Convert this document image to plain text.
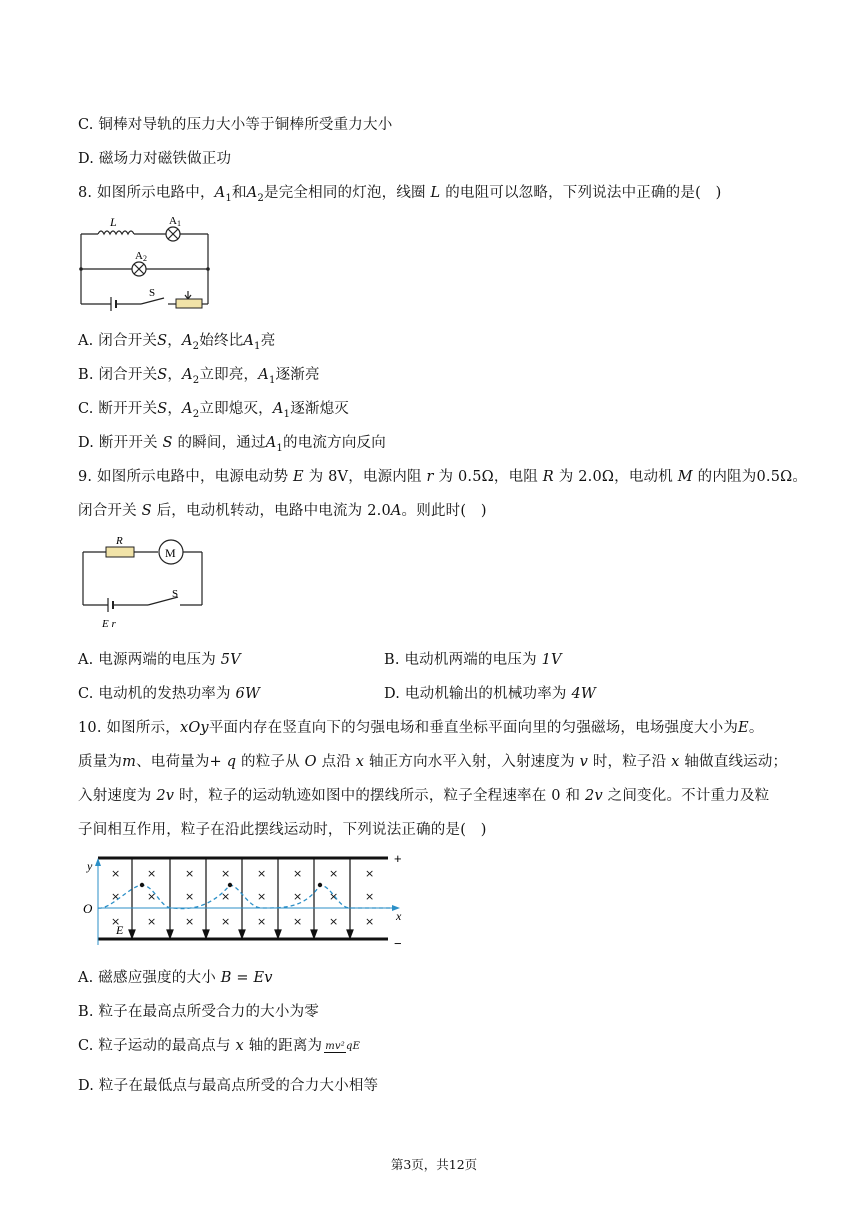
C. 铜棒对导轨的压力大小等于铜棒所受重力大小
D. 磁场力对磁铁做正功
8. 如图所示电路中，$A_1$和$A_2$是完全相同的灯泡，线圈 L 的电阻可以忽略，下列说法中正确的是(　)
L	A 1
A 2
S
A. 闭合开关S，$A_2$始终比$A_1$亮
B. 闭合开关S，$A_2$立即亮，$A_1$逐渐亮
C. 断开开关S，$A_2$立即熄灭，$A_1$逐渐熄灭
D. 断开开关 S 的瞬间，通过$A_1$的电流方向反向
9. 如图所示电路中，电源电动势 E 为 8V，电源内阻 r 为 0.5Ω，电阻 R 为 2.0Ω，电动机 M 的内阻为0.5Ω。
闭合开关 S 后，电动机转动，电路中电流为 2.0A。则此时(　)
R
M
S
E r
A. 电源两端的电压为 5V	B. 电动机两端的电压为 1V
C. 电动机的发热功率为 6W	D. 电动机输出的机械功率为 4W
10. 如图所示，xOy平面内存在竖直向下的匀强电场和垂直坐标平面向里的匀强磁场，电场强度大小为E。
质量为m、电荷量为+ q 的粒子从 O 点沿 x 轴正方向水平入射，入射速度为 v 时，粒子沿 x 轴做直线运动；
入射速度为 2v 时，粒子的运动轨迹如图中的摆线所示，粒子全程速率在 0 和 2v 之间变化。不计重力及粒
子间相互作用，粒子在沿此摆线运动时，下列说法正确的是(　)
× ×	× × × × × ×
× ×	× × × × × ×
× ×	× × × × × ×
y
O	x
E
+
−
A. 磁感应强度的大小 B = Ev
B. 粒子在最高点所受合力的大小为零
C. 粒子运动的最高点与 x 轴的距离为 mv²qE
D. 粒子在最低点与最高点所受的合力大小相等
第3页，共12页
